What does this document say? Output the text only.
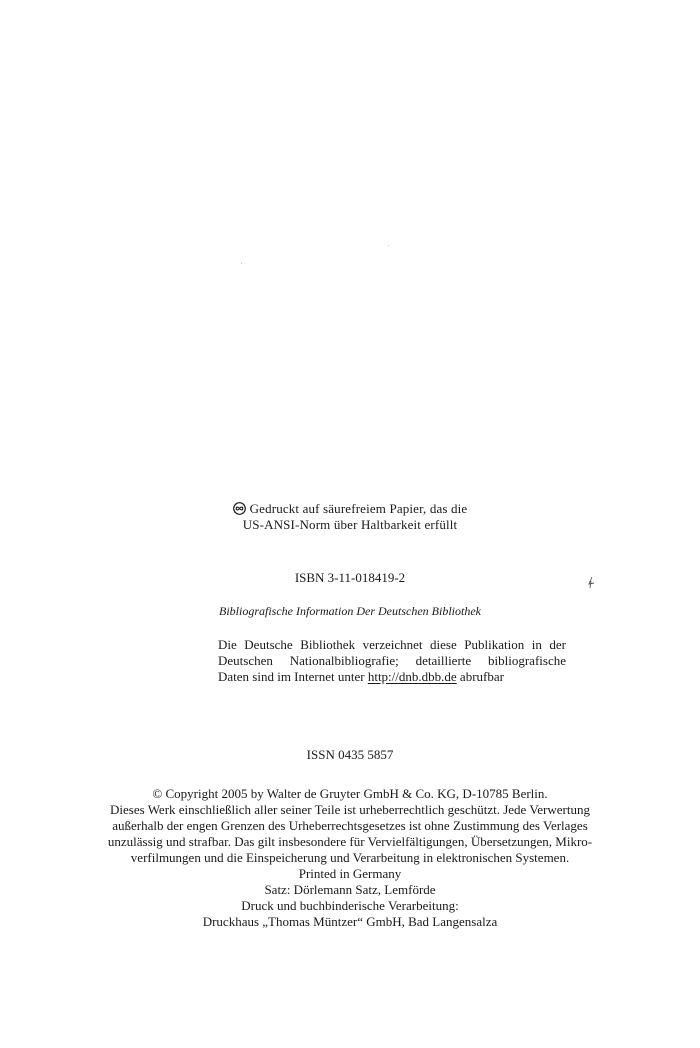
Gedruckt auf säurefreiem Papier, das die
US-ANSI-Norm über Haltbarkeit erfüllt
ISBN 3-11-018419-2
Bibliografische Information Der Deutschen Bibliothek
Die Deutsche Bibliothek verzeichnet diese Publikation in der
Deutschen Nationalbibliografie; detaillierte bibliografische
Daten sind im Internet unter http://dnb.dbb.de abrufbar
ISSN 0435 5857
© Copyright 2005 by Walter de Gruyter GmbH & Co. KG, D-10785 Berlin.
Dieses Werk einschließlich aller seiner Teile ist urheberrechtlich geschützt. Jede Verwertung
außerhalb der engen Grenzen des Urheberrechtsgesetzes ist ohne Zustimmung des Verlages
unzulässig und strafbar. Das gilt insbesondere für Vervielfältigungen, Übersetzungen, Mikro-
verfilmungen und die Einspeicherung und Verarbeitung in elektronischen Systemen.
Printed in Germany
Satz: Dörlemann Satz, Lemförde
Druck und buchbinderische Verarbeitung:
Druckhaus „Thomas Müntzer“ GmbH, Bad Langensalza
